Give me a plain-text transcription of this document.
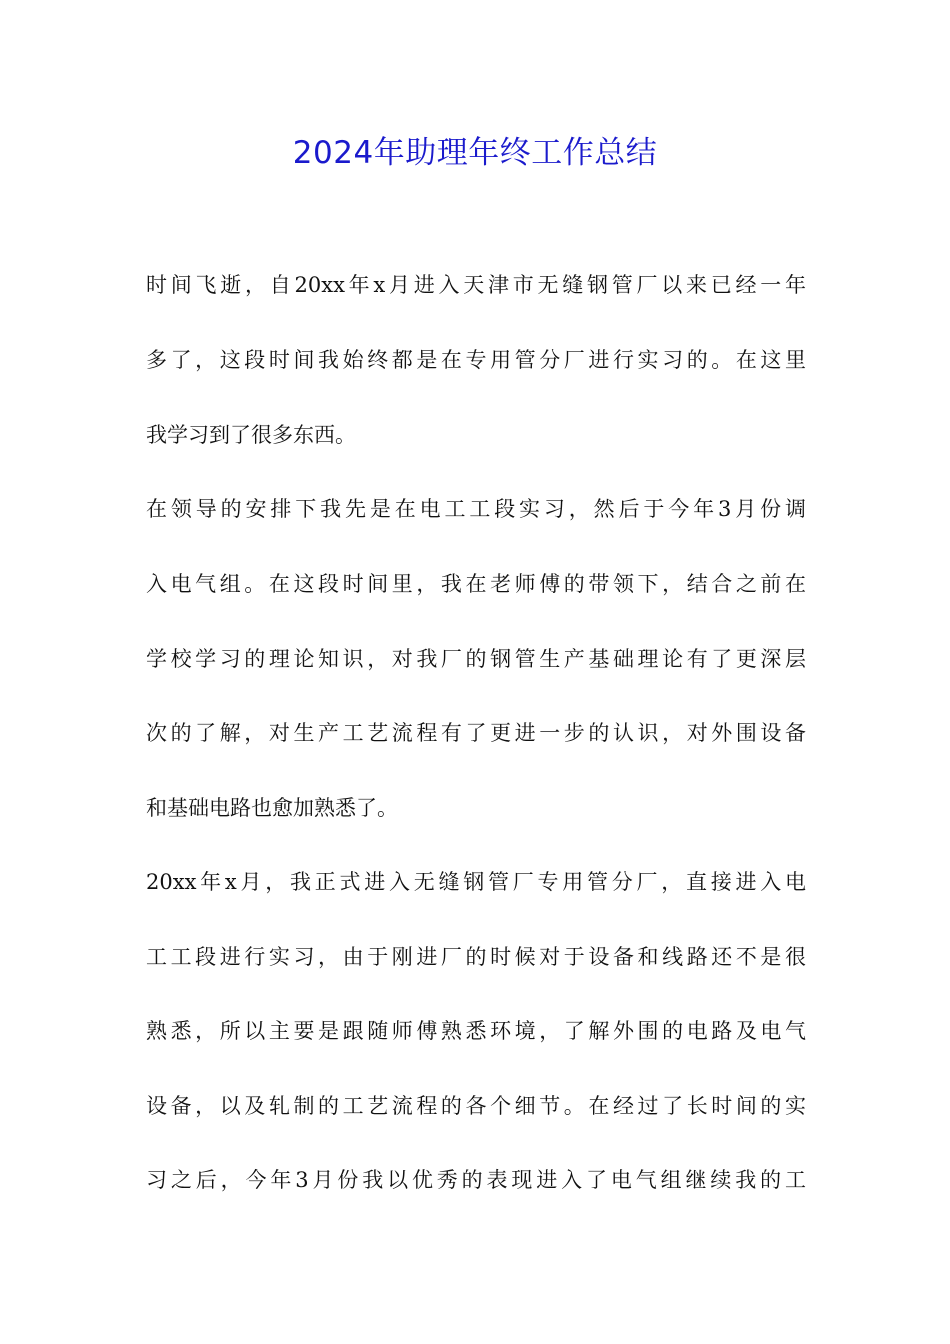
2024年助理年终工作总结
时间飞逝，自20xx年x月进入天津市无缝钢管厂以来已经一年
多了，这段时间我始终都是在专用管分厂进行实习的。在这里
我学习到了很多东西。
在领导的安排下我先是在电工工段实习，然后于今年3月份调
入电气组。在这段时间里，我在老师傅的带领下，结合之前在
学校学习的理论知识，对我厂的钢管生产基础理论有了更深层
次的了解，对生产工艺流程有了更进一步的认识，对外围设备
和基础电路也愈加熟悉了。
20xx年x月，我正式进入无缝钢管厂专用管分厂，直接进入电
工工段进行实习，由于刚进厂的时候对于设备和线路还不是很
熟悉，所以主要是跟随师傅熟悉环境，了解外围的电路及电气
设备，以及轧制的工艺流程的各个细节。在经过了长时间的实
习之后，今年3月份我以优秀的表现进入了电气组继续我的工
